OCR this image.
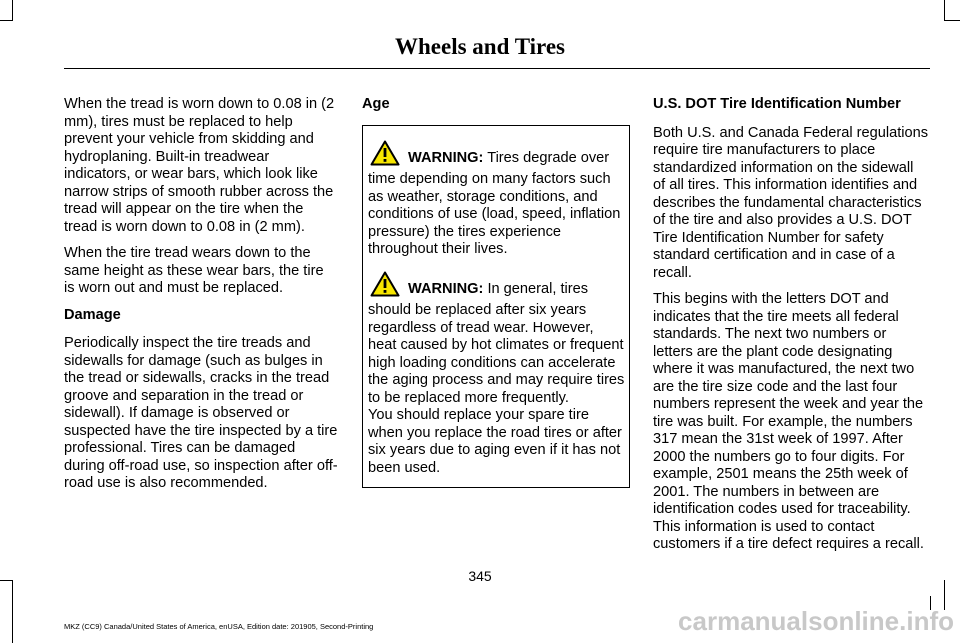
Wheels and Tires

When the tread is worn down to 0.08 in (2 mm), tires must be replaced to help prevent your vehicle from skidding and hydroplaning. Built-in treadwear indicators, or wear bars, which look like narrow strips of smooth rubber across the tread will appear on the tire when the tread is worn down to 0.08 in (2 mm).

When the tire tread wears down to the same height as these wear bars, the tire is worn out and must be replaced.

Damage

Periodically inspect the tire treads and sidewalls for damage (such as bulges in the tread or sidewalls, cracks in the tread groove and separation in the tread or sidewall). If damage is observed or suspected have the tire inspected by a tire professional. Tires can be damaged during off-road use, so inspection after off-road use is also recommended.

Age

WARNING: Tires degrade over time depending on many factors such as weather, storage conditions, and conditions of use (load, speed, inflation pressure) the tires experience throughout their lives.

WARNING: In general, tires should be replaced after six years regardless of tread wear. However, heat caused by hot climates or frequent high loading conditions can accelerate the aging process and may require tires to be replaced more frequently.

You should replace your spare tire when you replace the road tires or after six years due to aging even if it has not been used.

U.S. DOT Tire Identification Number

Both U.S. and Canada Federal regulations require tire manufacturers to place standardized information on the sidewall of all tires. This information identifies and describes the fundamental characteristics of the tire and also provides a U.S. DOT Tire Identification Number for safety standard certification and in case of a recall.

This begins with the letters DOT and indicates that the tire meets all federal standards. The next two numbers or letters are the plant code designating where it was manufactured, the next two are the tire size code and the last four numbers represent the week and year the tire was built. For example, the numbers 317 mean the 31st week of 1997. After 2000 the numbers go to four digits. For example, 2501 means the 25th week of 2001. The numbers in between are identification codes used for traceability. This information is used to contact customers if a tire defect requires a recall.

345
MKZ (CC9) Canada/United States of America, enUSA, Edition date: 201905, Second-Printing	carmanualsonline.info
